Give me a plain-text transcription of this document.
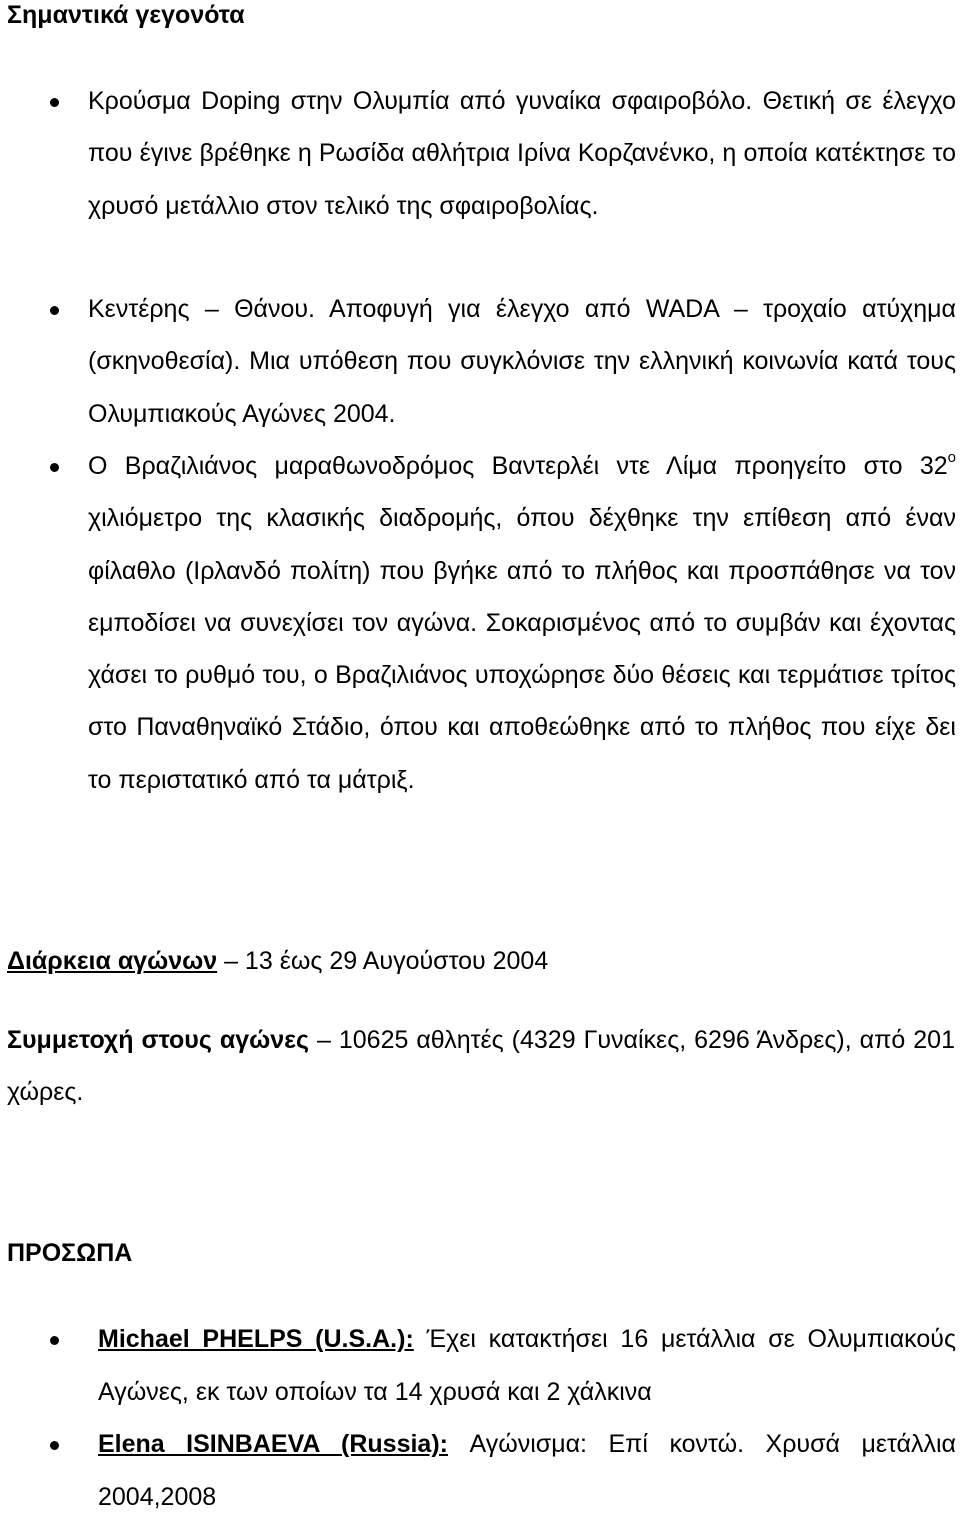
Σημαντικά γεγονότα
Κρούσμα Doping στην Ολυμπία από γυναίκα σφαιροβόλο. Θετική σε έλεγχο που έγινε βρέθηκε η Ρωσίδα αθλήτρια Ιρίνα Κορζανένκο, η οποία κατέκτησε το χρυσό μετάλλιο στον τελικό της σφαιροβολίας.
Κεντέρης – Θάνου. Αποφυγή για έλεγχο από WADA – τροχαίο ατύχημα (σκηνοθεσία). Μια υπόθεση που συγκλόνισε την ελληνική κοινωνία κατά τους Ολυμπιακούς Αγώνες 2004.
Ο Βραζιλιάνος μαραθωνοδρόμος Βαντερλέι ντε Λίμα προηγείτο στο $32^o$ χιλιόμετρο της κλασικής διαδρομής, όπου δέχθηκε την επίθεση από έναν φίλαθλο (Ιρλανδό πολίτη) που βγήκε από το πλήθος και προσπάθησε να τον εμποδίσει να συνεχίσει τον αγώνα. Σοκαρισμένος από το συμβάν και έχοντας χάσει το ρυθμό του, ο Βραζιλιάνος υποχώρησε δύο θέσεις και τερμάτισε τρίτος στο Παναθηναϊκό Στάδιο, όπου και αποθεώθηκε από το πλήθος που είχε δει το περιστατικό από τα μάτριξ.
Διάρκεια αγώνων – 13 έως 29 Αυγούστου 2004
Συμμετοχή στους αγώνες – 10625 αθλητές (4329 Γυναίκες, 6296 Άνδρες), από 201 χώρες.
ΠΡΟΣΩΠΑ
Michael PHELPS (U.S.A.): Έχει κατακτήσει 16 μετάλλια σε Ολυμπιακούς Αγώνες, εκ των οποίων τα 14 χρυσά και 2 χάλκινα
Elena ISINBAEVA (Russia): Αγώνισμα: Επί κοντώ. Χρυσά μετάλλια 2004,2008
